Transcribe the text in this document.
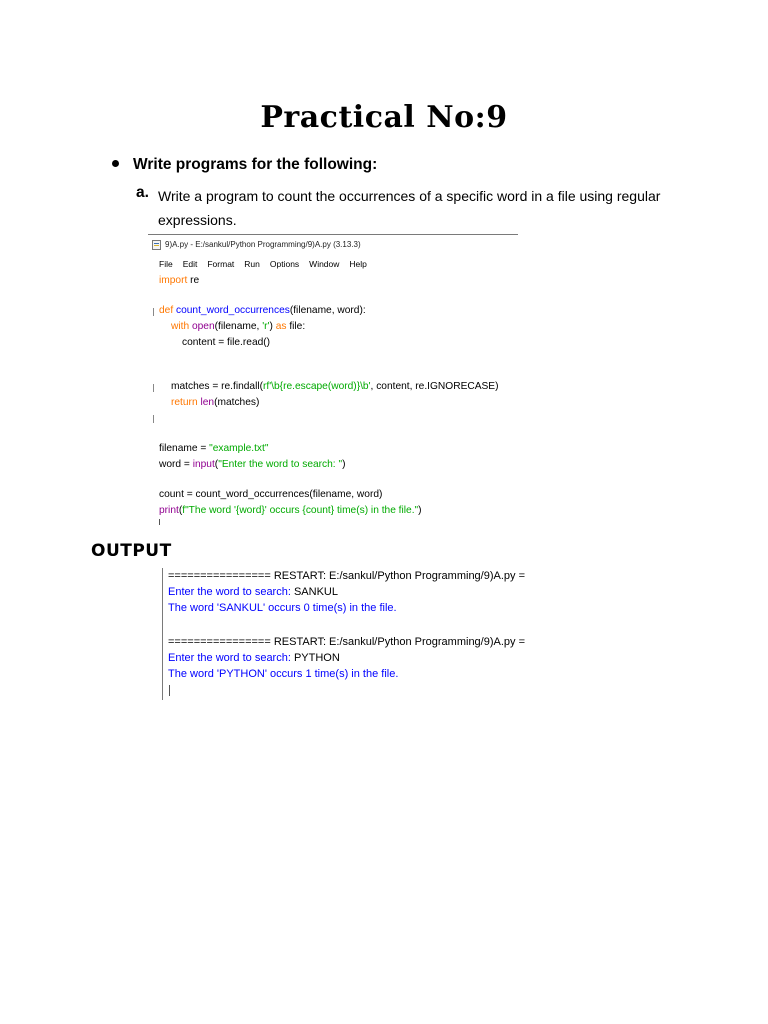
Practical No:9
Write programs for the following:
a. Write a program to count the occurrences of a specific word in a file using regular expressions.
9)A.py - E:/sankul/Python Programming/9)A.py (3.13.3)
File Edit Format Run Options Window Help
import re
def count_word_occurrences(filename, word):
with open(filename, 'r') as file:
content = file.read()
matches = re.findall(rf'\b{re.escape(word)}\b', content, re.IGNORECASE)
return len(matches)
filename = "example.txt"
word = input("Enter the word to search: ")
count = count_word_occurrences(filename, word)
print(f"The word '{word}' occurs {count} time(s) in the file.")
OUTPUT
================ RESTART: E:/sankul/Python Programming/9)A.py =
Enter the word to search: SANKUL
The word 'SANKUL' occurs 0 time(s) in the file.
================ RESTART: E:/sankul/Python Programming/9)A.py =
Enter the word to search: PYTHON
The word 'PYTHON' occurs 1 time(s) in the file.
